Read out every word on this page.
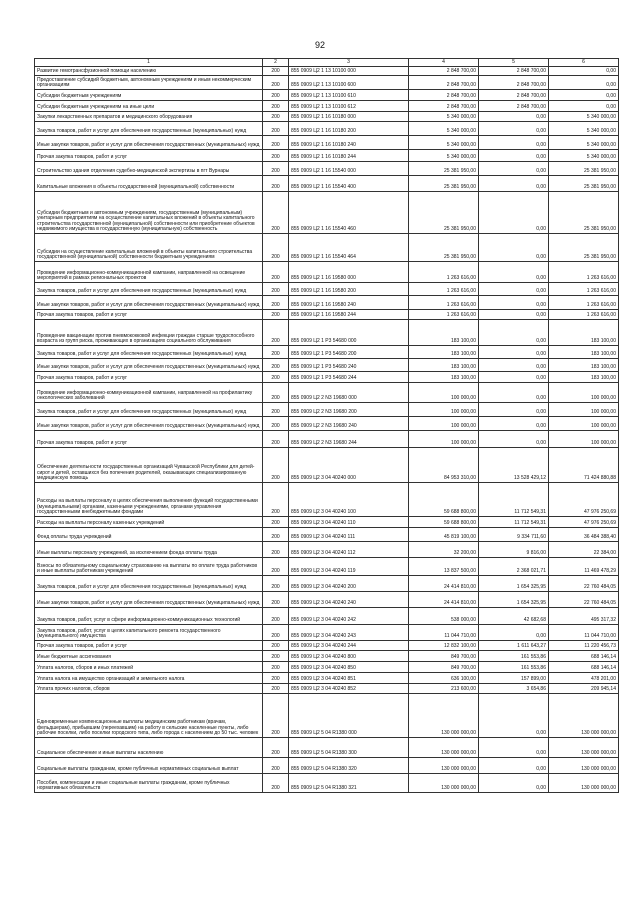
92
1	2	3	4	5	6
Развитие гемотрансфузионной помощи населению	200	855 0909 Ц2 1 13 10100 000	2 848 700,00	2 848 700,00	0,00
Предоставление субсидий бюджетным, автономным учреждениям и иным некоммерческим организациям	200	855 0909 Ц2 1 13 10100 600	2 848 700,00	2 848 700,00	0,00
Субсидии бюджетным учреждениям	200	855 0909 Ц2 1 13 10100 610	2 848 700,00	2 848 700,00	0,00
Субсидии бюджетным учреждениям на иные цели	200	855 0909 Ц2 1 13 10100 612	2 848 700,00	2 848 700,00	0,00
Закупки лекарственных препаратов и медицинского оборудования	200	855 0909 Ц2 1 16 10180 000	5 340 000,00	0,00	5 340 000,00
Закупка товаров, работ и услуг для обеспечения государственных (муниципальных) нужд	200	855 0909 Ц2 1 16 10180 200	5 340 000,00	0,00	5 340 000,00
Иные закупки товаров, работ и услуг для обеспечения государственных (муниципальных) нужд	200	855 0909 Ц2 1 16 10180 240	5 340 000,00	0,00	5 340 000,00
Прочая закупка товаров, работ и услуг	200	855 0909 Ц2 1 16 10180 244	5 340 000,00	0,00	5 340 000,00
Строительство здания отделения судебно-медицинской экспертизы в пгт Вурнары	200	855 0909 Ц2 1 16 15540 000	25 381 950,00	0,00	25 381 950,00
Капитальные вложения в объекты государственной (муниципальной) собственности	200	855 0909 Ц2 1 16 15540 400	25 381 950,00	0,00	25 381 950,00
Субсидии бюджетным и автономным учреждениям, государственным (муниципальным) унитарным предприятиям на осуществление капитальных вложений в объекты капитального строительства государственной (муниципальной) собственности или приобретение объектов недвижимого имущества в государственную (муниципальную) собственность	200	855 0909 Ц2 1 16 15540 460	25 381 950,00	0,00	25 381 950,00
Субсидии на осуществление капитальных вложений в объекты капитального строительства государственной (муниципальной) собственности бюджетным учреждениям	200	855 0909 Ц2 1 16 15540 464	25 381 950,00	0,00	25 381 950,00
Проведение информационно-коммуникационной кампании, направленной на освещение мероприятий в рамках региональных проектов	200	855 0909 Ц2 1 16 19580 000	1 263 616,00	0,00	1 263 616,00
Закупка товаров, работ и услуг для обеспечения государственных (муниципальных) нужд	200	855 0909 Ц2 1 16 19580 200	1 263 616,00	0,00	1 263 616,00
Иные закупки товаров, работ и услуг для обеспечения государственных (муниципальных) нужд	200	855 0909 Ц2 1 16 19580 240	1 263 616,00	0,00	1 263 616,00
Прочая закупка товаров, работ и услуг	200	855 0909 Ц2 1 16 19580 244	1 263 616,00	0,00	1 263 616,00
Проведение вакцинации против пневмококковой инфекции граждан старше трудоспособного возраста из групп риска, проживающих в организациях социального обслуживания	200	855 0909 Ц2 1 P3 54680 000	183 100,00	0,00	183 100,00
Закупка товаров, работ и услуг для обеспечения государственных (муниципальных) нужд	200	855 0909 Ц2 1 P3 54680 200	183 100,00	0,00	183 100,00
Иные закупки товаров, работ и услуг для обеспечения государственных (муниципальных) нужд	200	855 0909 Ц2 1 P3 54680 240	183 100,00	0,00	183 100,00
Прочая закупка товаров, работ и услуг	200	855 0909 Ц2 1 P3 54680 244	183 100,00	0,00	183 100,00
Проведение информационно-коммуникационной кампании, направленной на профилактику онкологических заболеваний	200	855 0909 Ц2 2 N3 19680 000	100 000,00	0,00	100 000,00
Закупка товаров, работ и услуг для обеспечения государственных (муниципальных) нужд	200	855 0909 Ц2 2 N3 19680 200	100 000,00	0,00	100 000,00
Иные закупки товаров, работ и услуг для обеспечения государственных (муниципальных) нужд	200	855 0909 Ц2 2 N3 19680 240	100 000,00	0,00	100 000,00
Прочая закупка товаров, работ и услуг	200	855 0909 Ц2 2 N3 19680 244	100 000,00	0,00	100 000,00
Обеспечение деятельности государственных организаций Чувашской Республики для детей-сирот и детей, оставшихся без попечения родителей, оказывающих специализированную медицинскую помощь	200	855 0909 Ц2 3 04 40240 000	84 953 310,00	13 528 429,12	71 424 880,88
Расходы на выплаты персоналу в целях обеспечения выполнения функций государственными (муниципальными) органами, казенными учреждениями, органами управления государственными внебюджетными фондами	200	855 0909 Ц2 3 04 40240 100	59 688 800,00	11 712 549,31	47 976 250,69
Расходы на выплаты персоналу казенных учреждений	200	855 0909 Ц2 3 04 40240 110	59 688 800,00	11 712 549,31	47 976 250,69
Фонд оплаты труда учреждений	200	855 0909 Ц2 3 04 40240 111	45 819 100,00	9 334 711,60	36 484 388,40
Иные выплаты персоналу учреждений, за исключением фонда оплаты труда	200	855 0909 Ц2 3 04 40240 112	32 200,00	9 816,00	22 384,00
Взносы по обязательному социальному страхованию на выплаты по оплате труда работников и иные выплаты работникам учреждений	200	855 0909 Ц2 3 04 40240 119	13 837 500,00	2 368 021,71	11 469 478,29
Закупка товаров, работ и услуг для обеспечения государственных (муниципальных) нужд	200	855 0909 Ц2 3 04 40240 200	24 414 810,00	1 654 325,95	22 760 484,05
Иные закупки товаров, работ и услуг для обеспечения государственных (муниципальных) нужд	200	855 0909 Ц2 3 04 40240 240	24 414 810,00	1 654 325,95	22 760 484,05
Закупка товаров, работ, услуг в сфере информационно-коммуникационных технологий	200	855 0909 Ц2 3 04 40240 242	538 000,00	42 682,68	495 317,32
Закупка товаров, работ, услуг в целях капитального ремонта государственного (муниципального) имущества	200	855 0909 Ц2 3 04 40240 243	11 044 710,00	0,00	11 044 710,00
Прочая закупка товаров, работ и услуг	200	855 0909 Ц2 3 04 40240 244	12 832 100,00	1 611 643,27	11 220 456,73
Иные бюджетные ассигнования	200	855 0909 Ц2 3 04 40240 800	849 700,00	161 553,86	688 146,14
Уплата налогов, сборов и иных платежей	200	855 0909 Ц2 3 04 40240 850	849 700,00	161 553,86	688 146,14
Уплата налога на имущество организаций и земельного налога	200	855 0909 Ц2 3 04 40240 851	636 100,00	157 899,00	478 201,00
Уплата прочих налогов, сборов	200	855 0909 Ц2 3 04 40240 852	213 600,00	3 654,86	209 945,14
Единовременные компенсационные выплаты медицинским работникам (врачам, фельдшерам), прибывшим (переехавшим) на работу в сельские населенные пункты, либо рабочие поселки, либо поселки городского типа, либо города с населением до 50 тыс. человек	200	855 0909 Ц2 5 04 R1380 000	130 000 000,00	0,00	130 000 000,00
Социальное обеспечение и иные выплаты населению	200	855 0909 Ц2 5 04 R1380 300	130 000 000,00	0,00	130 000 000,00
Социальные выплаты гражданам, кроме публичных нормативных социальных выплат	200	855 0909 Ц2 5 04 R1380 320	130 000 000,00	0,00	130 000 000,00
Пособия, компенсации и иные социальные выплаты гражданам, кроме публичных нормативных обязательств	200	855 0909 Ц2 5 04 R1380 321	130 000 000,00	0,00	130 000 000,00
